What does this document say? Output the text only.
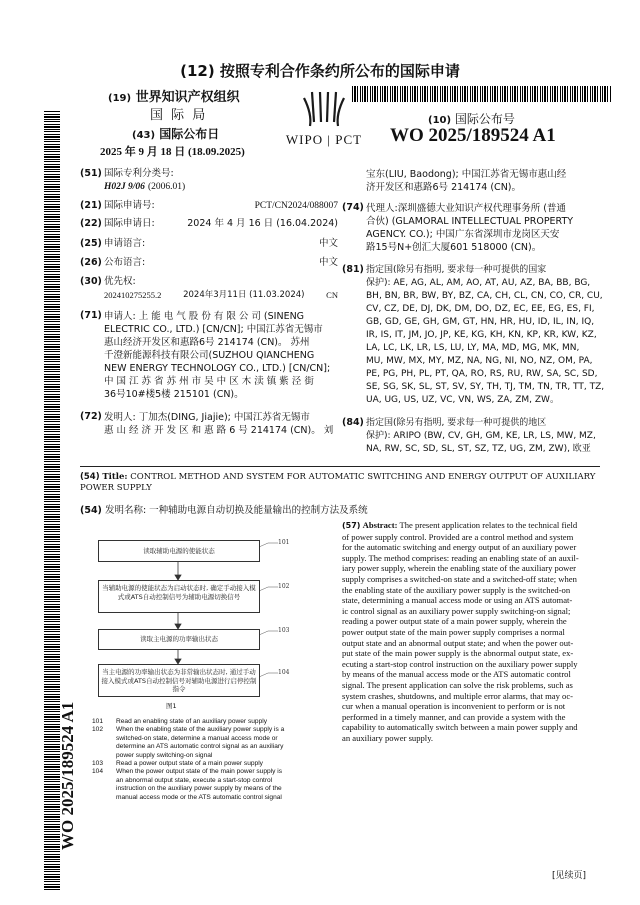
(12) 按照专利合作条约所公布的国际申请
(19) 世界知识产权组织
国 际 局
(43) 国际公布日
2025 年 9 月 18 日 (18.09.2025)
WIPO | PCT
(10) 国际公布号
WO 2025/189524 A1
WO 2025/189524 A1
(51) 国际专利分类号:
H02J 9/06 (2006.01)
(21) 国际申请号:	PCT/CN2024/088007
(22) 国际申请日:	2024 年 4 月 16 日 (16.04.2024)
(25) 申请语言:	中文
(26) 公布语言:	中文
(30) 优先权:
202410275255.2	2024年3月11日 (11.03.2024)	CN
(71) 申请人: 上 能 电 气 股 份 有 限 公 司 (SINENG
ELECTRIC CO., LTD.) [CN/CN]; 中国江苏省无锡市
惠山经济开发区和惠路6号 214174 (CN)。 苏州
千澄新能源科技有限公司(SUZHOU QIANCHENG
NEW ENERGY TECHNOLOGY CO., LTD.) [CN/CN];
中 国 江 苏 省 苏 州 市 吴 中 区 木 渎 镇 紫 泾 街
36号10#楼5楼 215101 (CN)。
(72) 发明人: 丁加杰(DING, Jiajie); 中国江苏省无锡市
惠 山 经 济 开 发 区 和 惠 路 6 号 214174 (CN)。 刘
宝东(LIU, Baodong); 中国江苏省无锡市惠山经
济开发区和惠路6号 214174 (CN)。
(74) 代理人:深圳盛德大业知识产权代理事务所 (普通
合伙) (GLAMORAL INTELLECTUAL PROPERTY
AGENCY. CO.); 中国广东省深圳市龙岗区天安
路15号N+创汇大厦601 518000 (CN)。
(81) 指定国(除另有指明, 要求每一种可提供的国家
保护): AE, AG, AL, AM, AO, AT, AU, AZ, BA, BB, BG,
BH, BN, BR, BW, BY, BZ, CA, CH, CL, CN, CO, CR, CU,
CV, CZ, DE, DJ, DK, DM, DO, DZ, EC, EE, EG, ES, FI,
GB, GD, GE, GH, GM, GT, HN, HR, HU, ID, IL, IN, IQ,
IR, IS, IT, JM, JO, JP, KE, KG, KH, KN, KP, KR, KW, KZ,
LA, LC, LK, LR, LS, LU, LY, MA, MD, MG, MK, MN,
MU, MW, MX, MY, MZ, NA, NG, NI, NO, NZ, OM, PA,
PE, PG, PH, PL, PT, QA, RO, RS, RU, RW, SA, SC, SD,
SE, SG, SK, SL, ST, SV, SY, TH, TJ, TM, TN, TR, TT, TZ,
UA, UG, US, UZ, VC, VN, WS, ZA, ZM, ZW。
(84) 指定国(除另有指明, 要求每一种可提供的地区
保护): ARIPO (BW, CV, GH, GM, KE, LR, LS, MW, MZ,
NA, RW, SC, SD, SL, ST, SZ, TZ, UG, ZM, ZW), 欧亚
(54) Title: CONTROL METHOD AND SYSTEM FOR AUTOMATIC SWITCHING AND ENERGY OUTPUT OF AUXILIARY
POWER SUPPLY
(54) 发明名称: 一种辅助电源自动切换及能量输出的控制方法及系统
读取辅助电源的使能状态
101
当辅助电源的使能状态为启动状态时, 确定手动接入模式或ATS自动控制信号为辅助电源切换信号
102
读取主电源的功率输出状态
103
当主电源的功率输出状态为非常输出状态时, 通过手动接入模式或ATS自动控制信号对辅助电源进行启停控制指令
104
图1
101	Read an enabling state of an auxiliary power supply
102	When the enabling state of the auxiliary power supply is a switched-on state, determine a manual access mode or determine an ATS automatic control signal as an auxiliary power supply switching-on signal
103	Read a power output state of a main power supply
104	When the power output state of the main power supply is an abnormal output state, execute a start-stop control instruction on the auxiliary power supply by means of the manual access mode or the ATS automatic control signal
(57) Abstract: The present application relates to the technical field
of power supply control. Provided are a control method and system
for the automatic switching and energy output of an auxiliary power
supply. The method comprises: reading an enabling state of an auxil-
iary power supply, wherein the enabling state of the auxiliary power
supply comprises a switched-on state and a switched-off state; when
the enabling state of the auxiliary power supply is the switched-on
state, determining a manual access mode or using an ATS automat-
ic control signal as an auxiliary power supply switching-on signal;
reading a power output state of a main power supply, wherein the
power output state of the main power supply comprises a normal
output state and an abnormal output state; and when the power out-
put state of the main power supply is the abnormal output state, ex-
ecuting a start-stop control instruction on the auxiliary power supply
by means of the manual access mode or the ATS automatic control
signal. The present application can solve the risk problems, such as
system crashes, shutdowns, and multiple error alarms, that may oc-
cur when a manual operation is inconvenient to perform or is not
performed in a timely manner, and can provide a system with the
capability to automatically switch between a main power supply and
an auxiliary power supply.
[见续页]
